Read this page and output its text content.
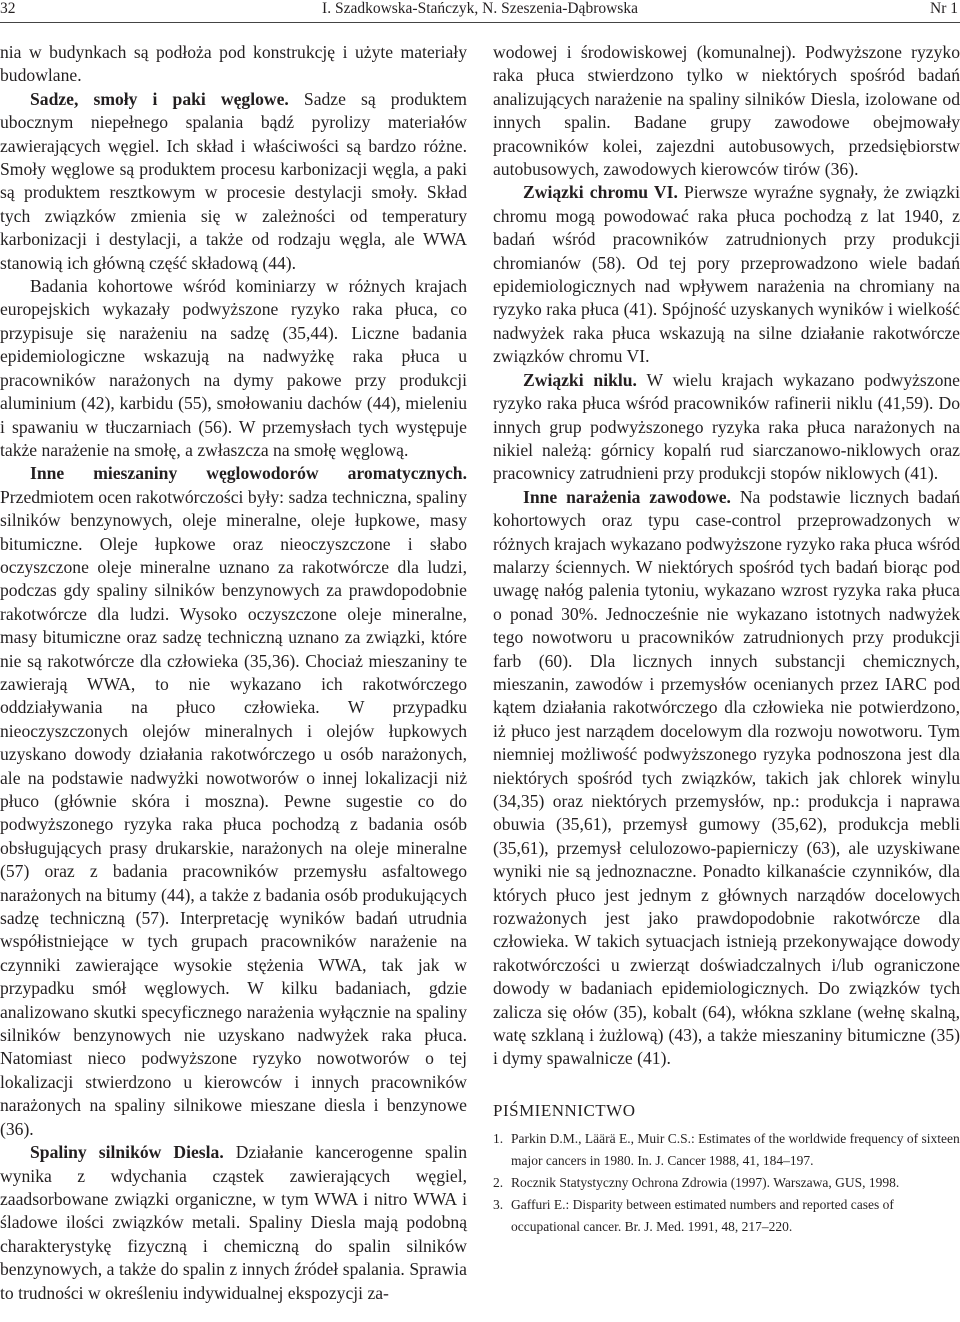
32	I. Szadkowska-Stańczyk, N. Szeszenia-Dąbrowska	Nr 1

nia w budynkach są podłoża pod konstrukcję i użyte materiały budowlane.

Sadze, smoły i paki węglowe. Sadze są produktem ubocznym niepełnego spalania bądź pyrolizy materiałów zawierających węgiel. Ich skład i właściwości są bardzo różne. Smoły węglowe są produktem procesu karbonizacji węgla, a paki są produktem resztkowym w procesie destylacji smoły. Skład tych związków zmienia się w zależności od temperatury karbonizacji i destylacji, a także od rodzaju węgla, ale WWA stanowią ich główną część składową (44).

Badania kohortowe wśród kominiarzy w różnych krajach europejskich wykazały podwyższone ryzyko raka płuca, co przypisuje się narażeniu na sadzę (35,44). Liczne badania epidemiologiczne wskazują na nadwyżkę raka płuca u pracowników narażonych na dymy pakowe przy produkcji aluminium (42), karbidu (55), smołowaniu dachów (44), mieleniu i spawaniu w tłuczarniach (56). W przemysłach tych występuje także narażenie na smołę, a zwłaszcza na smołę węglową.

Inne mieszaniny węglowodorów aromatycznych. Przedmiotem ocen rakotwórczości były: sadza techniczna, spaliny silników benzynowych, oleje mineralne, oleje łupkowe, masy bitumiczne. Oleje łupkowe oraz nieoczyszczone i słabo oczyszczone oleje mineralne uznano za rakotwórcze dla ludzi, podczas gdy spaliny silników benzynowych za prawdopodobnie rakotwórcze dla ludzi. Wysoko oczyszczone oleje mineralne, masy bitumiczne oraz sadzę techniczną uznano za związki, które nie są rakotwórcze dla człowieka (35,36). Chociaż mieszaniny te zawierają WWA, to nie wykazano ich rakotwórczego oddziaływania na płuco człowieka. W przypadku nieoczyszczonych olejów mineralnych i olejów łupkowych uzyskano dowody działania rakotwórczego u osób narażonych, ale na podstawie nadwyżki nowotworów o innej lokalizacji niż płuco (głównie skóra i moszna). Pewne sugestie co do podwyższonego ryzyka raka płuca pochodzą z badania osób obsługujących prasy drukarskie, narażonych na oleje mineralne (57) oraz z badania pracowników przemysłu asfaltowego narażonych na bitumy (44), a także z badania osób produkujących sadzę techniczną (57). Interpretację wyników badań utrudnia współistniejące w tych grupach pracowników narażenie na czynniki zawierające wysokie stężenia WWA, tak jak w przypadku smół węglowych. W kilku badaniach, gdzie analizowano skutki specyficznego narażenia wyłącznie na spaliny silników benzynowych nie uzyskano nadwyżek raka płuca. Natomiast nieco podwyższone ryzyko nowotworów o tej lokalizacji stwierdzono u kierowców i innych pracowników narażonych na spaliny silnikowe mieszane diesla i benzynowe (36).

Spaliny silników Diesla. Działanie kancerogenne spalin wynika z wdychania cząstek zawierających węgiel, zaadsorbowane związki organiczne, w tym WWA i nitro WWA i śladowe ilości związków metali. Spaliny Diesla mają podobną charakterystykę fizyczną i chemiczną do spalin silników benzynowych, a także do spalin z innych źródeł spalania. Sprawia to trudności w określeniu indywidualnej ekspozycji za-

wodowej i środowiskowej (komunalnej). Podwyższone ryzyko raka płuca stwierdzono tylko w niektórych spośród badań analizujących narażenie na spaliny silników Diesla, izolowane od innych spalin. Badane grupy zawodowe obejmowały pracowników kolei, zajezdni autobusowych, przedsiębiorstw autobusowych, zawodowych kierowców tirów (36).

Związki chromu VI. Pierwsze wyraźne sygnały, że związki chromu mogą powodować raka płuca pochodzą z lat 1940, z badań wśród pracowników zatrudnionych przy produkcji chromianów (58). Od tej pory przeprowadzono wiele badań epidemiologicznych nad wpływem narażenia na chromiany na ryzyko raka płuca (41). Spójność uzyskanych wyników i wielkość nadwyżek raka płuca wskazują na silne działanie rakotwórcze związków chromu VI.

Związki niklu. W wielu krajach wykazano podwyższone ryzyko raka płuca wśród pracowników rafinerii niklu (41,59). Do innych grup podwyższonego ryzyka raka płuca narażonych na nikiel należą: górnicy kopalń rud siarczanowo-niklowych oraz pracownicy zatrudnieni przy produkcji stopów niklowych (41).

Inne narażenia zawodowe. Na podstawie licznych badań kohortowych oraz typu case-control przeprowadzonych w różnych krajach wykazano podwyższone ryzyko raka płuca wśród malarzy ściennych. W niektórych spośród tych badań biorąc pod uwagę nałóg palenia tytoniu, wykazano wzrost ryzyka raka płuca o ponad 30%. Jednocześnie nie wykazano istotnych nadwyżek tego nowotworu u pracowników zatrudnionych przy produkcji farb (60). Dla licznych innych substancji chemicznych, mieszanin, zawodów i przemysłów ocenianych przez IARC pod kątem działania rakotwórczego dla człowieka nie potwierdzono, iż płuco jest narządem docelowym dla rozwoju nowotworu. Tym niemniej możliwość podwyższonego ryzyka podnoszona jest dla niektórych spośród tych związków, takich jak chlorek winylu (34,35) oraz niektórych przemysłów, np.: produkcja i naprawa obuwia (35,61), przemysł gumowy (35,62), produkcja mebli (35,61), przemysł celulozowo-papierniczy (63), ale uzyskiwane wyniki nie są jednoznaczne. Ponadto kilkanaście czynników, dla których płuco jest jednym z głównych narządów docelowych rozważonych jest jako prawdopodobnie rakotwórcze dla człowieka. W takich sytuacjach istnieją przekonywające dowody rakotwórczości u zwierząt doświadczalnych i/lub ograniczone dowody w badaniach epidemiologicznych. Do związków tych zalicza się ołów (35), kobalt (64), włókna szklane (wełnę skalną, watę szklaną i żużlową) (43), a także mieszaniny bitumiczne (35) i dymy spawalnicze (41).

PIŚMIENNICTWO
1. Parkin D.M., Läärä E., Muir C.S.: Estimates of the worldwide frequency of sixteen major cancers in 1980. In. J. Cancer 1988, 41, 184–197.
2. Rocznik Statystyczny Ochrona Zdrowia (1997). Warszawa, GUS, 1998.
3. Gaffuri E.: Disparity between estimated numbers and reported cases of occupational cancer. Br. J. Med. 1991, 48, 217–220.
